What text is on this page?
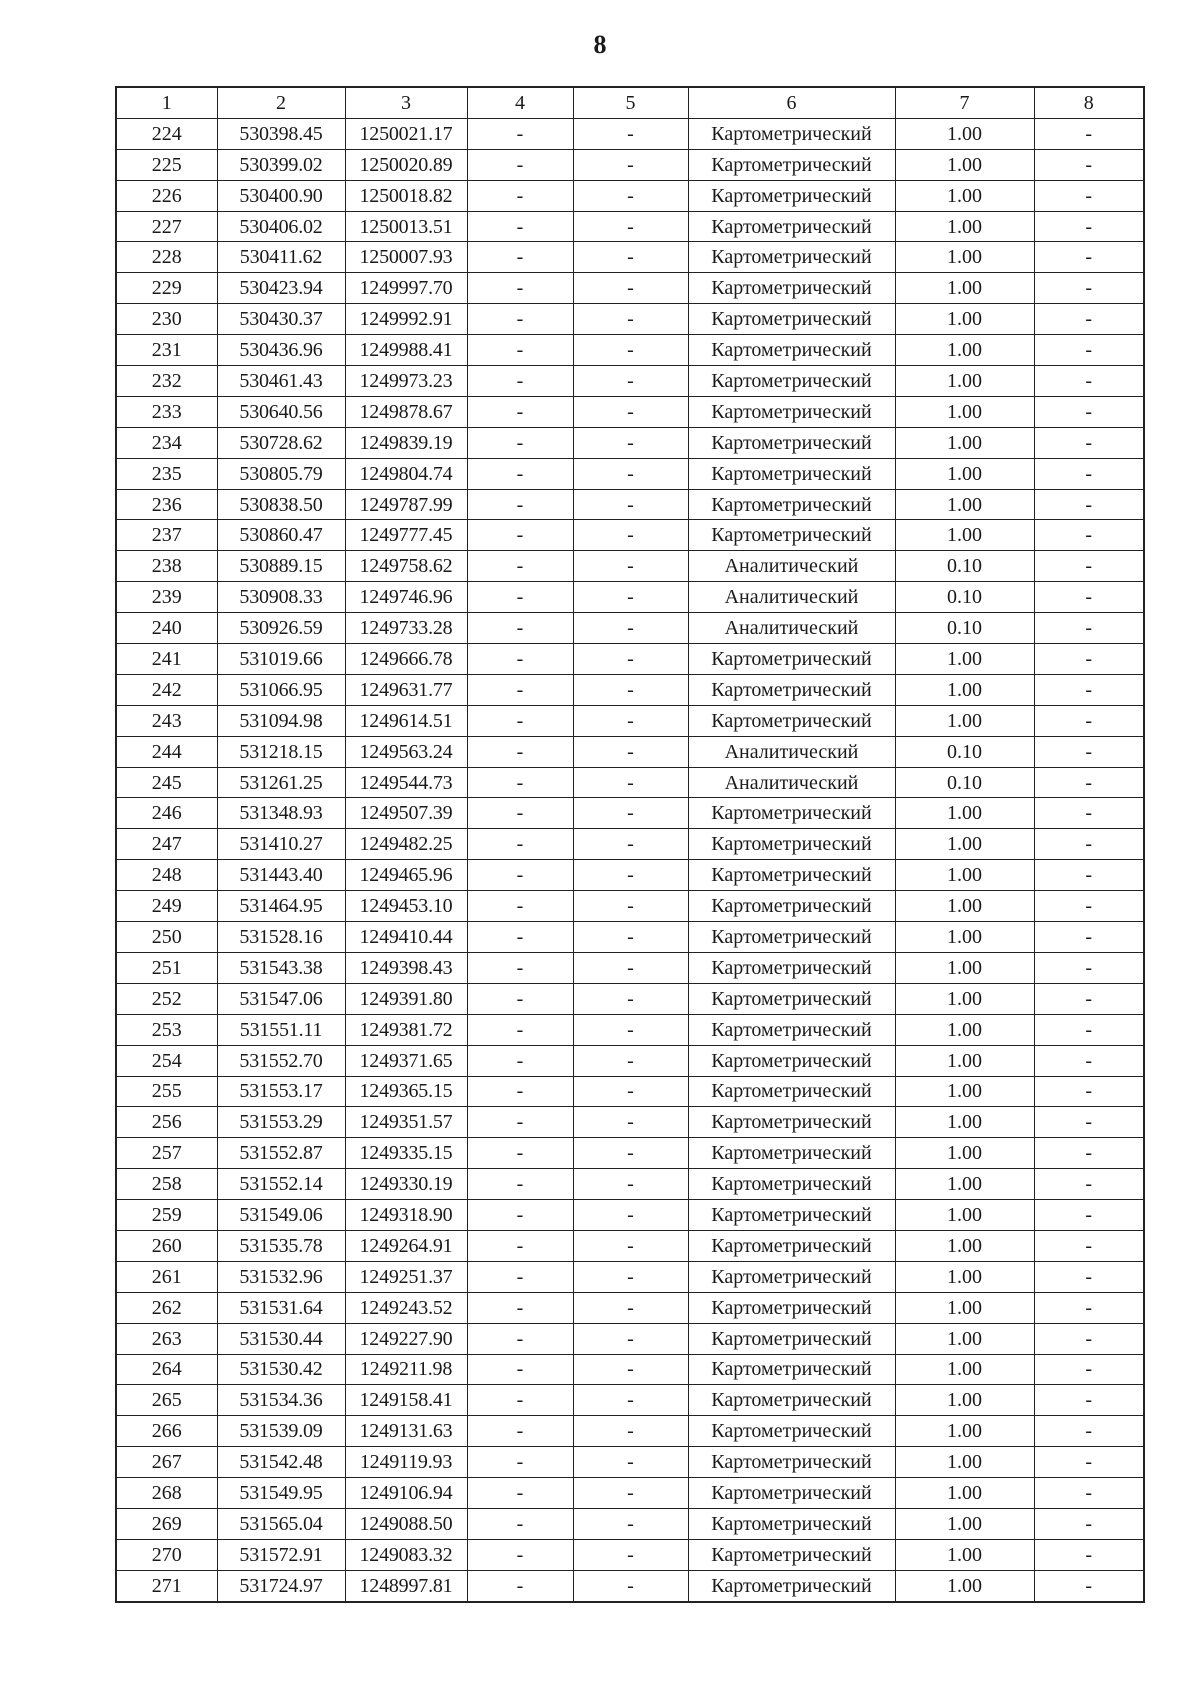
8
1	2	3	4	5	6	7	8
224	530398.45	1250021.17	-	-	Картометрический	1.00	-
225	530399.02	1250020.89	-	-	Картометрический	1.00	-
226	530400.90	1250018.82	-	-	Картометрический	1.00	-
227	530406.02	1250013.51	-	-	Картометрический	1.00	-
228	530411.62	1250007.93	-	-	Картометрический	1.00	-
229	530423.94	1249997.70	-	-	Картометрический	1.00	-
230	530430.37	1249992.91	-	-	Картометрический	1.00	-
231	530436.96	1249988.41	-	-	Картометрический	1.00	-
232	530461.43	1249973.23	-	-	Картометрический	1.00	-
233	530640.56	1249878.67	-	-	Картометрический	1.00	-
234	530728.62	1249839.19	-	-	Картометрический	1.00	-
235	530805.79	1249804.74	-	-	Картометрический	1.00	-
236	530838.50	1249787.99	-	-	Картометрический	1.00	-
237	530860.47	1249777.45	-	-	Картометрический	1.00	-
238	530889.15	1249758.62	-	-	Аналитический	0.10	-
239	530908.33	1249746.96	-	-	Аналитический	0.10	-
240	530926.59	1249733.28	-	-	Аналитический	0.10	-
241	531019.66	1249666.78	-	-	Картометрический	1.00	-
242	531066.95	1249631.77	-	-	Картометрический	1.00	-
243	531094.98	1249614.51	-	-	Картометрический	1.00	-
244	531218.15	1249563.24	-	-	Аналитический	0.10	-
245	531261.25	1249544.73	-	-	Аналитический	0.10	-
246	531348.93	1249507.39	-	-	Картометрический	1.00	-
247	531410.27	1249482.25	-	-	Картометрический	1.00	-
248	531443.40	1249465.96	-	-	Картометрический	1.00	-
249	531464.95	1249453.10	-	-	Картометрический	1.00	-
250	531528.16	1249410.44	-	-	Картометрический	1.00	-
251	531543.38	1249398.43	-	-	Картометрический	1.00	-
252	531547.06	1249391.80	-	-	Картометрический	1.00	-
253	531551.11	1249381.72	-	-	Картометрический	1.00	-
254	531552.70	1249371.65	-	-	Картометрический	1.00	-
255	531553.17	1249365.15	-	-	Картометрический	1.00	-
256	531553.29	1249351.57	-	-	Картометрический	1.00	-
257	531552.87	1249335.15	-	-	Картометрический	1.00	-
258	531552.14	1249330.19	-	-	Картометрический	1.00	-
259	531549.06	1249318.90	-	-	Картометрический	1.00	-
260	531535.78	1249264.91	-	-	Картометрический	1.00	-
261	531532.96	1249251.37	-	-	Картометрический	1.00	-
262	531531.64	1249243.52	-	-	Картометрический	1.00	-
263	531530.44	1249227.90	-	-	Картометрический	1.00	-
264	531530.42	1249211.98	-	-	Картометрический	1.00	-
265	531534.36	1249158.41	-	-	Картометрический	1.00	-
266	531539.09	1249131.63	-	-	Картометрический	1.00	-
267	531542.48	1249119.93	-	-	Картометрический	1.00	-
268	531549.95	1249106.94	-	-	Картометрический	1.00	-
269	531565.04	1249088.50	-	-	Картометрический	1.00	-
270	531572.91	1249083.32	-	-	Картометрический	1.00	-
271	531724.97	1248997.81	-	-	Картометрический	1.00	-
